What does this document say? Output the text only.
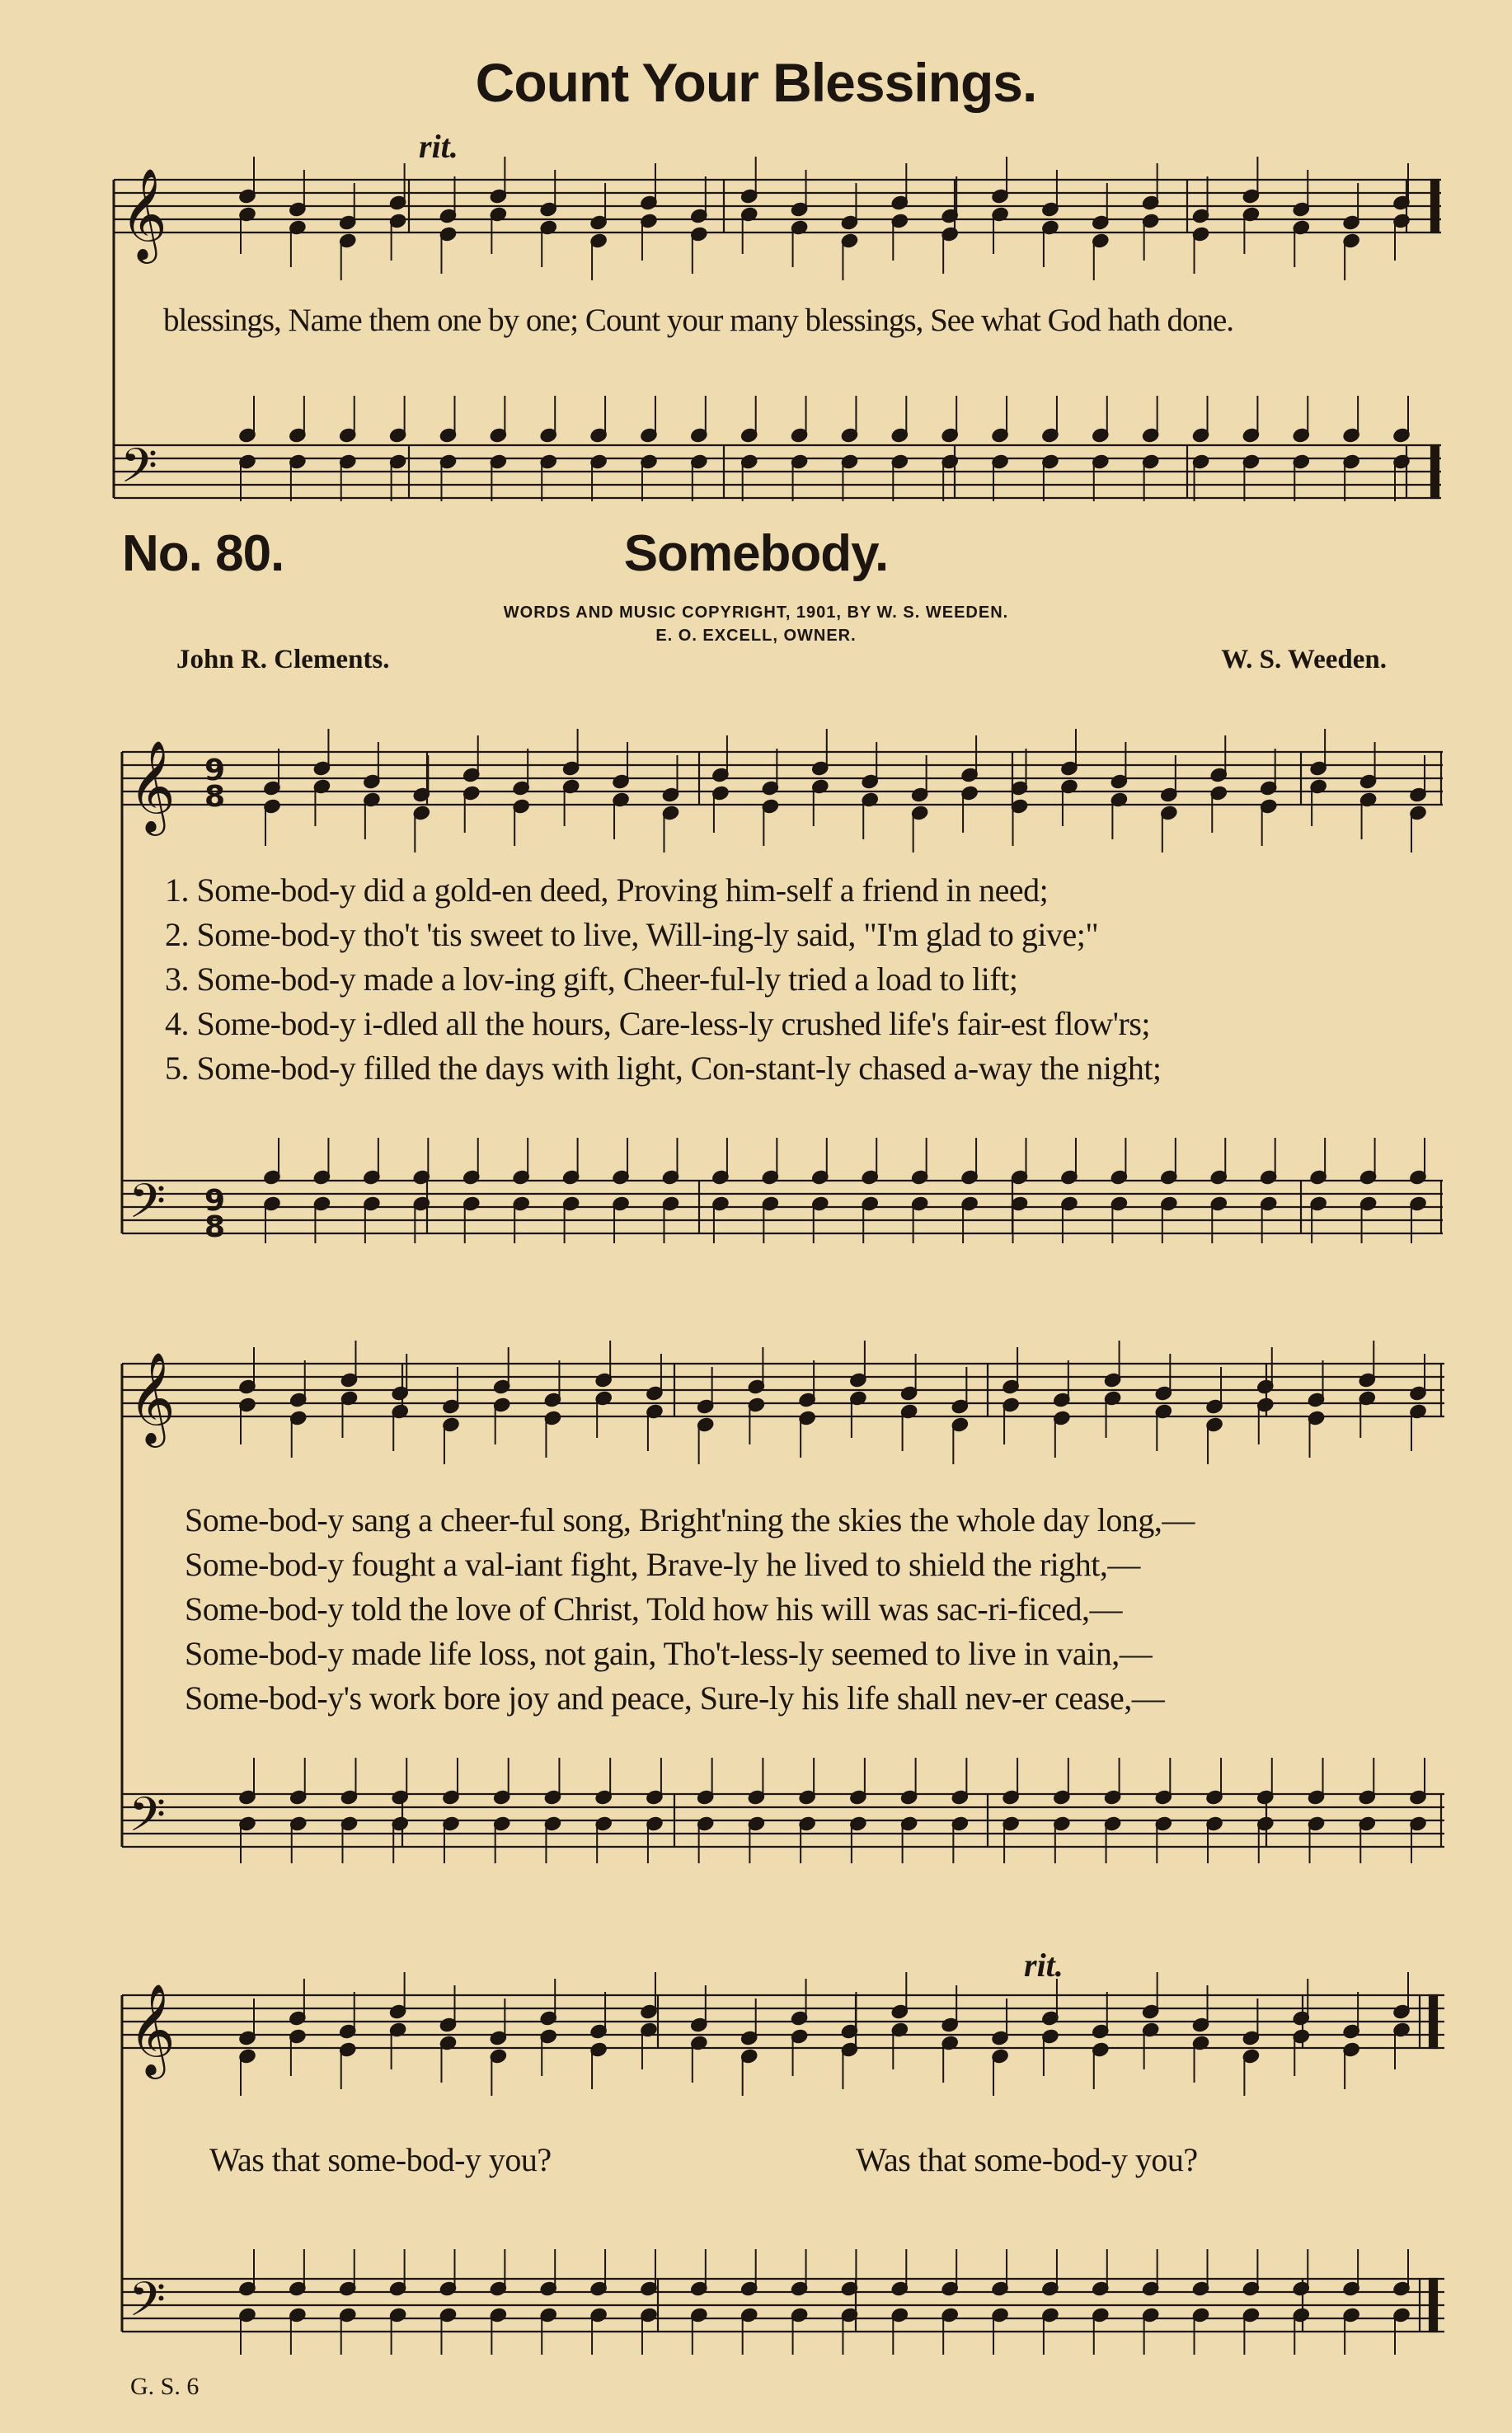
Count Your Blessings.
rit.
𝄞
𝄢
𝄞
𝄢
𝄞
𝄢
𝄞
𝄢
9
8
9
8
blessings, Name them one by one; Count your many blessings, See what God hath done.
No. 80.	Somebody.
WORDS AND MUSIC COPYRIGHT, 1901, BY W. S. WEEDEN.
E. O. EXCELL, OWNER.
John R. Clements.	W. S. Weeden.
1. Some-bod-y did a gold-en deed, Proving him-self a friend in need;
2. Some-bod-y tho't 'tis sweet to live, Will-ing-ly said, "I'm glad to give;"
3. Some-bod-y made a lov-ing gift, Cheer-ful-ly tried a load to lift;
4. Some-bod-y i-dled all the hours, Care-less-ly crushed life's fair-est flow'rs;
5. Some-bod-y filled the days with light, Con-stant-ly chased a-way the night;
Some-bod-y sang a cheer-ful song, Bright'ning the skies the whole day long,—
Some-bod-y fought a val-iant fight, Brave-ly he lived to shield the right,—
Some-bod-y told the love of Christ, Told how his will was sac-ri-ficed,—
Some-bod-y made life loss, not gain, Tho't-less-ly seemed to live in vain,—
Some-bod-y's work bore joy and peace, Sure-ly his life shall nev-er cease,—
rit.
Was that some-bod-y you?	Was that some-bod-y you?
G. S. 6
